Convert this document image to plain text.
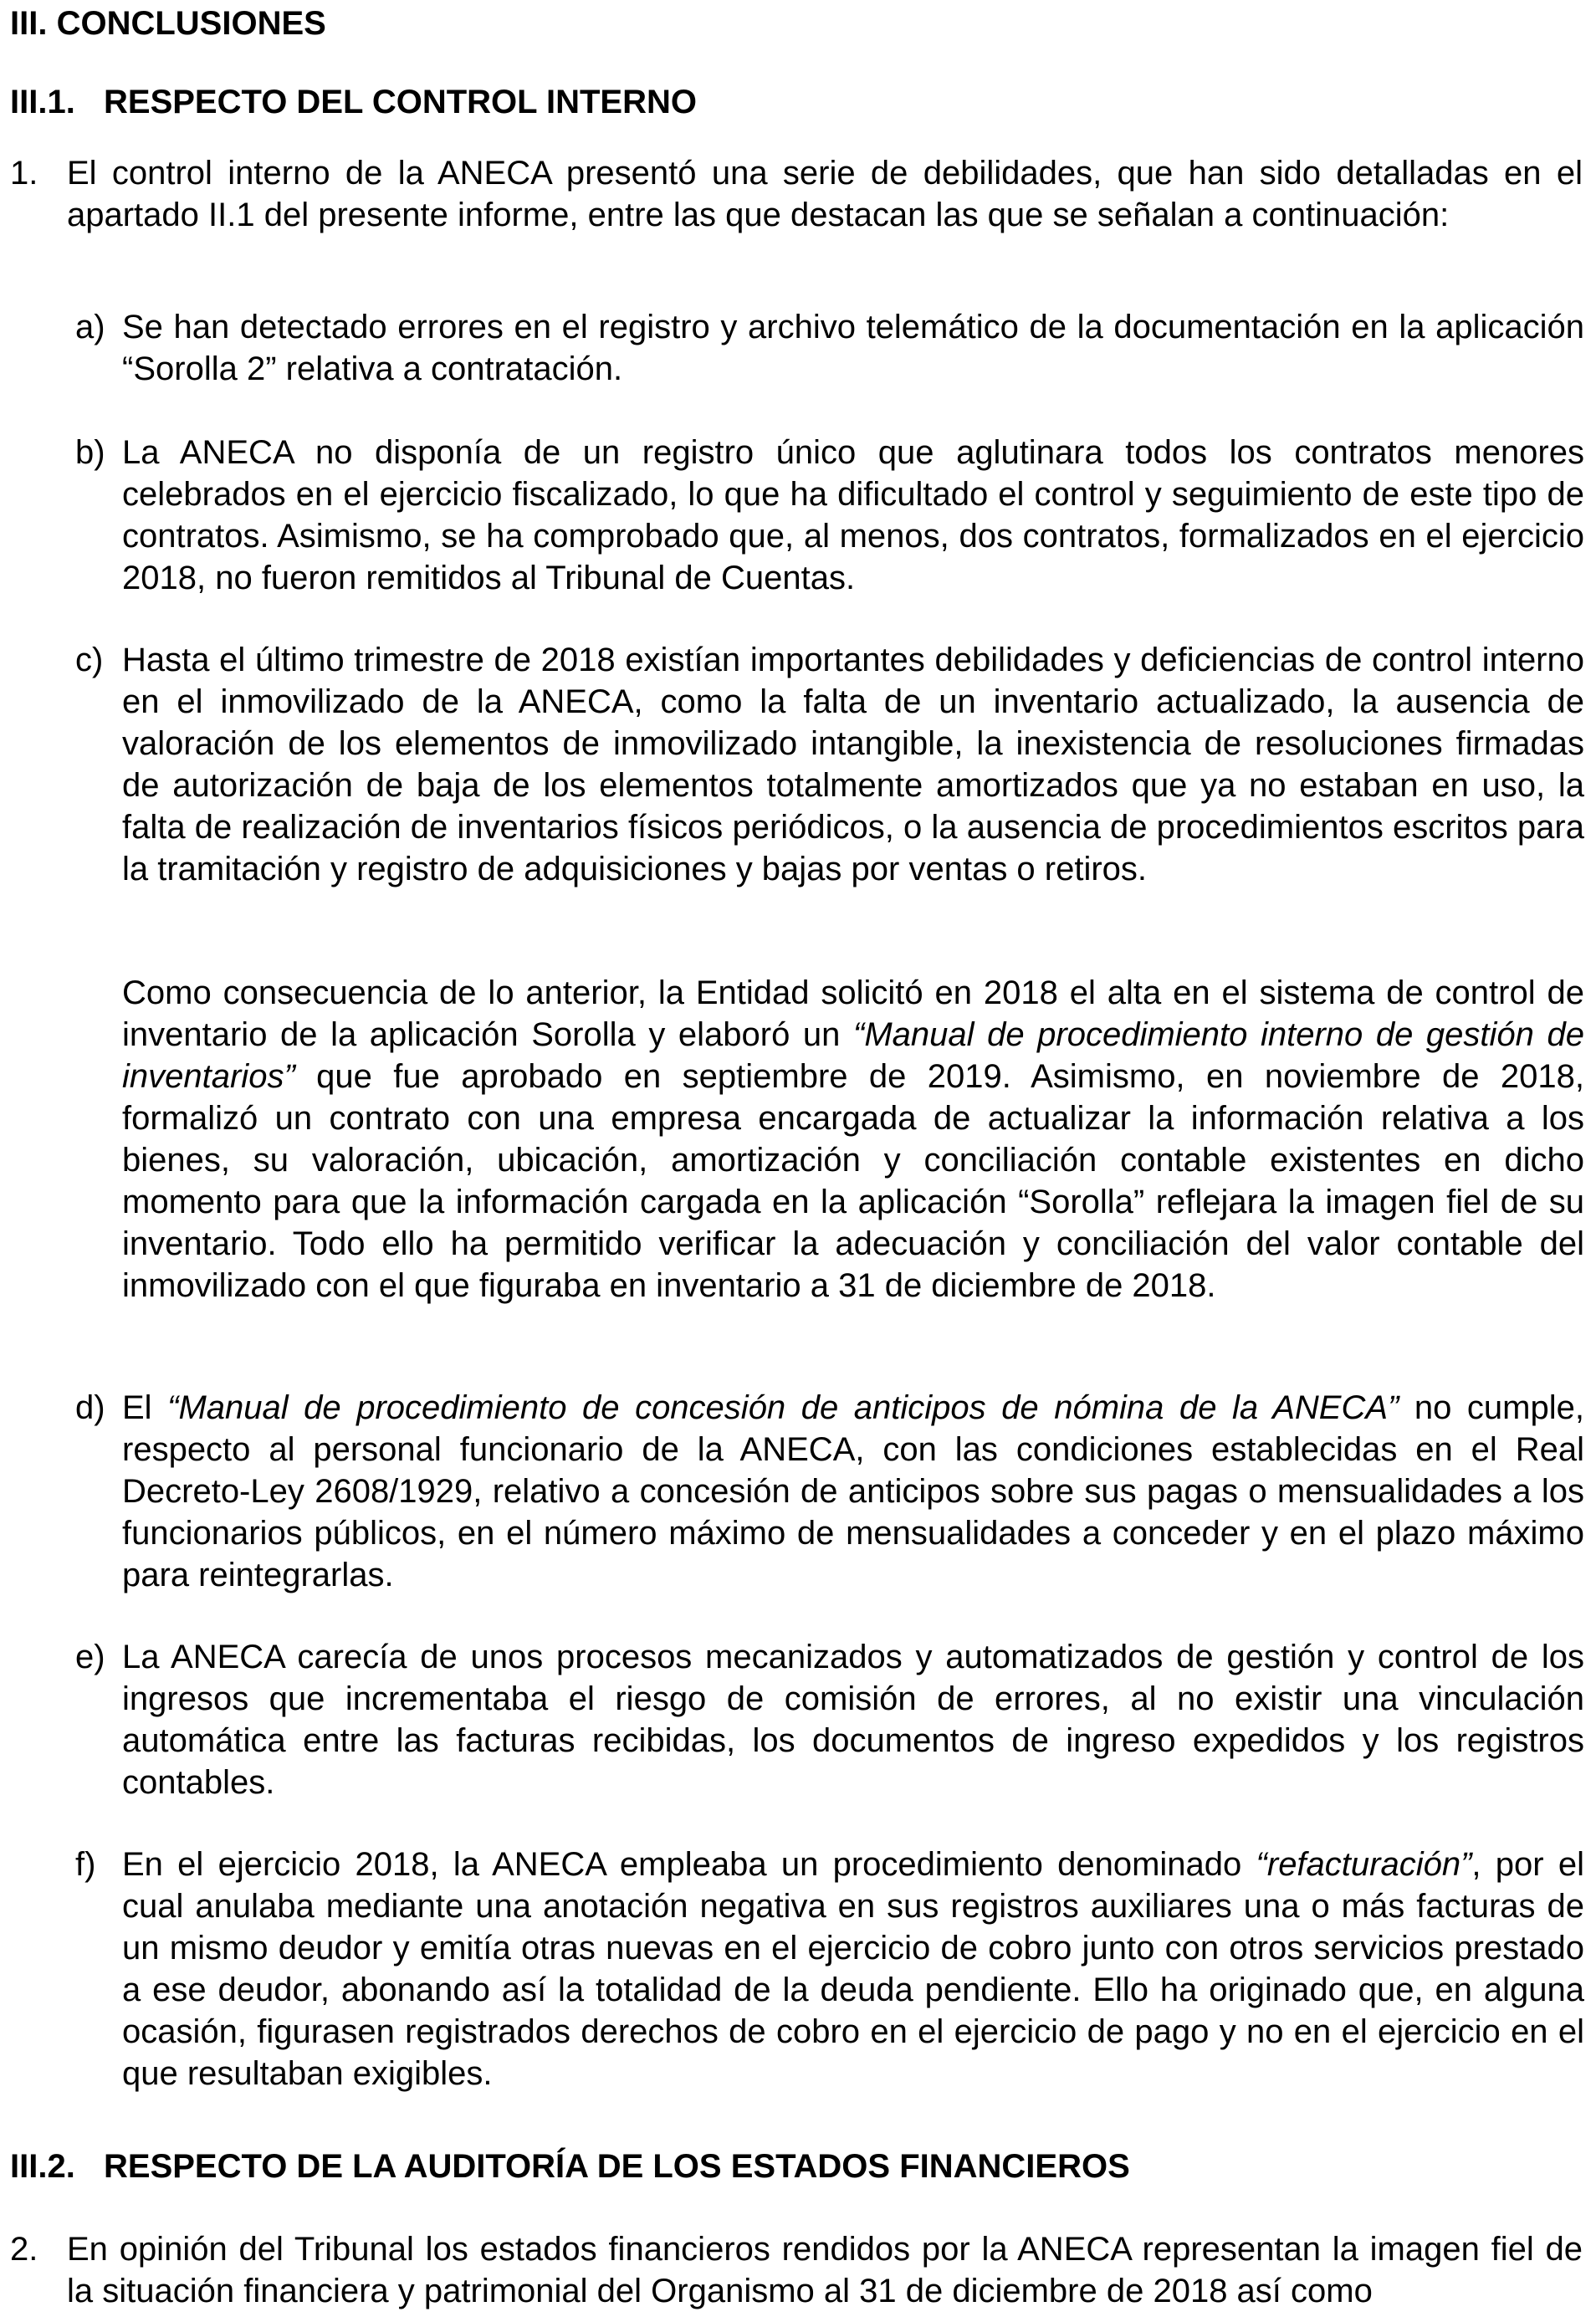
III. CONCLUSIONES
III.1. RESPECTO DEL CONTROL INTERNO
1. El control interno de la ANECA presentó una serie de debilidades, que han sido detalladas en el apartado II.1 del presente informe, entre las que destacan las que se señalan a continuación:
a) Se han detectado errores en el registro y archivo telemático de la documentación en la aplicación “Sorolla 2” relativa a contratación.
b) La ANECA no disponía de un registro único que aglutinara todos los contratos menores celebrados en el ejercicio fiscalizado, lo que ha dificultado el control y seguimiento de este tipo de contratos. Asimismo, se ha comprobado que, al menos, dos contratos, formalizados en el ejercicio 2018, no fueron remitidos al Tribunal de Cuentas.
c) Hasta el último trimestre de 2018 existían importantes debilidades y deficiencias de control interno en el inmovilizado de la ANECA, como la falta de un inventario actualizado, la ausencia de valoración de los elementos de inmovilizado intangible, la inexistencia de resoluciones firmadas de autorización de baja de los elementos totalmente amortizados que ya no estaban en uso, la falta de realización de inventarios físicos periódicos, o la ausencia de procedimientos escritos para la tramitación y registro de adquisiciones y bajas por ventas o retiros.
Como consecuencia de lo anterior, la Entidad solicitó en 2018 el alta en el sistema de control de inventario de la aplicación Sorolla y elaboró un “Manual de procedimiento interno de gestión de inventarios” que fue aprobado en septiembre de 2019. Asimismo, en noviembre de 2018, formalizó un contrato con una empresa encargada de actualizar la información relativa a los bienes, su valoración, ubicación, amortización y conciliación contable existentes en dicho momento para que la información cargada en la aplicación “Sorolla” reflejara la imagen fiel de su inventario. Todo ello ha permitido verificar la adecuación y conciliación del valor contable del inmovilizado con el que figuraba en inventario a 31 de diciembre de 2018.
d) El “Manual de procedimiento de concesión de anticipos de nómina de la ANECA” no cumple, respecto al personal funcionario de la ANECA, con las condiciones establecidas en el Real Decreto-Ley 2608/1929, relativo a concesión de anticipos sobre sus pagas o mensualidades a los funcionarios públicos, en el número máximo de mensualidades a conceder y en el plazo máximo para reintegrarlas.
e) La ANECA carecía de unos procesos mecanizados y automatizados de gestión y control de los ingresos que incrementaba el riesgo de comisión de errores, al no existir una vinculación automática entre las facturas recibidas, los documentos de ingreso expedidos y los registros contables.
f) En el ejercicio 2018, la ANECA empleaba un procedimiento denominado “refacturación”, por el cual anulaba mediante una anotación negativa en sus registros auxiliares una o más facturas de un mismo deudor y emitía otras nuevas en el ejercicio de cobro junto con otros servicios prestado a ese deudor, abonando así la totalidad de la deuda pendiente. Ello ha originado que, en alguna ocasión, figurasen registrados derechos de cobro en el ejercicio de pago y no en el ejercicio en el que resultaban exigibles.
III.2. RESPECTO DE LA AUDITORÍA DE LOS ESTADOS FINANCIEROS
2. En opinión del Tribunal los estados financieros rendidos por la ANECA representan la imagen fiel de la situación financiera y patrimonial del Organismo al 31 de diciembre de 2018 así como
